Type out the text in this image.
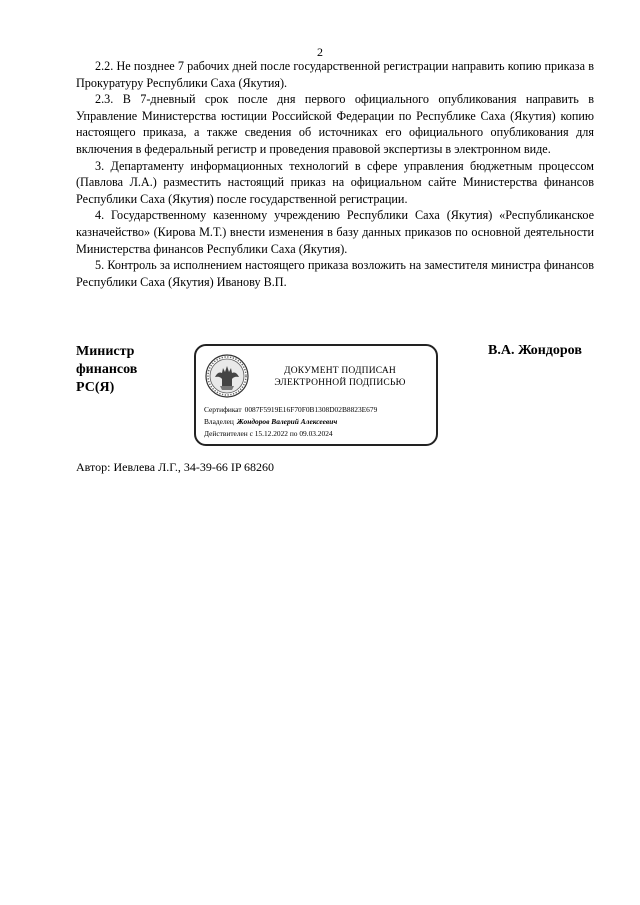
2

2.2. Не позднее 7 рабочих дней после государственной регистрации направить копию приказа в Прокуратуру Республики Саха (Якутия).

2.3. В 7-дневный срок после дня первого официального опубликования направить в Управление Министерства юстиции Российской Федерации по Республике Саха (Якутия) копию настоящего приказа, а также сведения об источниках его официального опубликования для включения в федеральный регистр и проведения правовой экспертизы в электронном виде.

3. Департаменту информационных технологий в сфере управления бюджетным процессом (Павлова Л.А.) разместить настоящий приказ на официальном сайте Министерства финансов Республики Саха (Якутия) после государственной регистрации.

4. Государственному казенному учреждению Республики Саха (Якутия) «Республиканское казначейство» (Кирова М.Т.) внести изменения в базу данных приказов по основной деятельности Министерства финансов Республики Саха (Якутия).

5. Контроль за исполнением настоящего приказа возложить на заместителя министра финансов Республики Саха (Якутия) Иванову В.П.

Министр
финансов
РС(Я)
В.А. Жондоров
ДОКУМЕНТ ПОДПИСАН
ЭЛЕКТРОННОЙ ПОДПИСЬЮ
Сертификат 0087F5919E16F70F0B1308D02B8823E679
Владелец Жондоров Валерий Алексеевич
Действителен с 15.12.2022 по 09.03.2024
Автор: Иевлева Л.Г., 34-39-66 IP 68260
